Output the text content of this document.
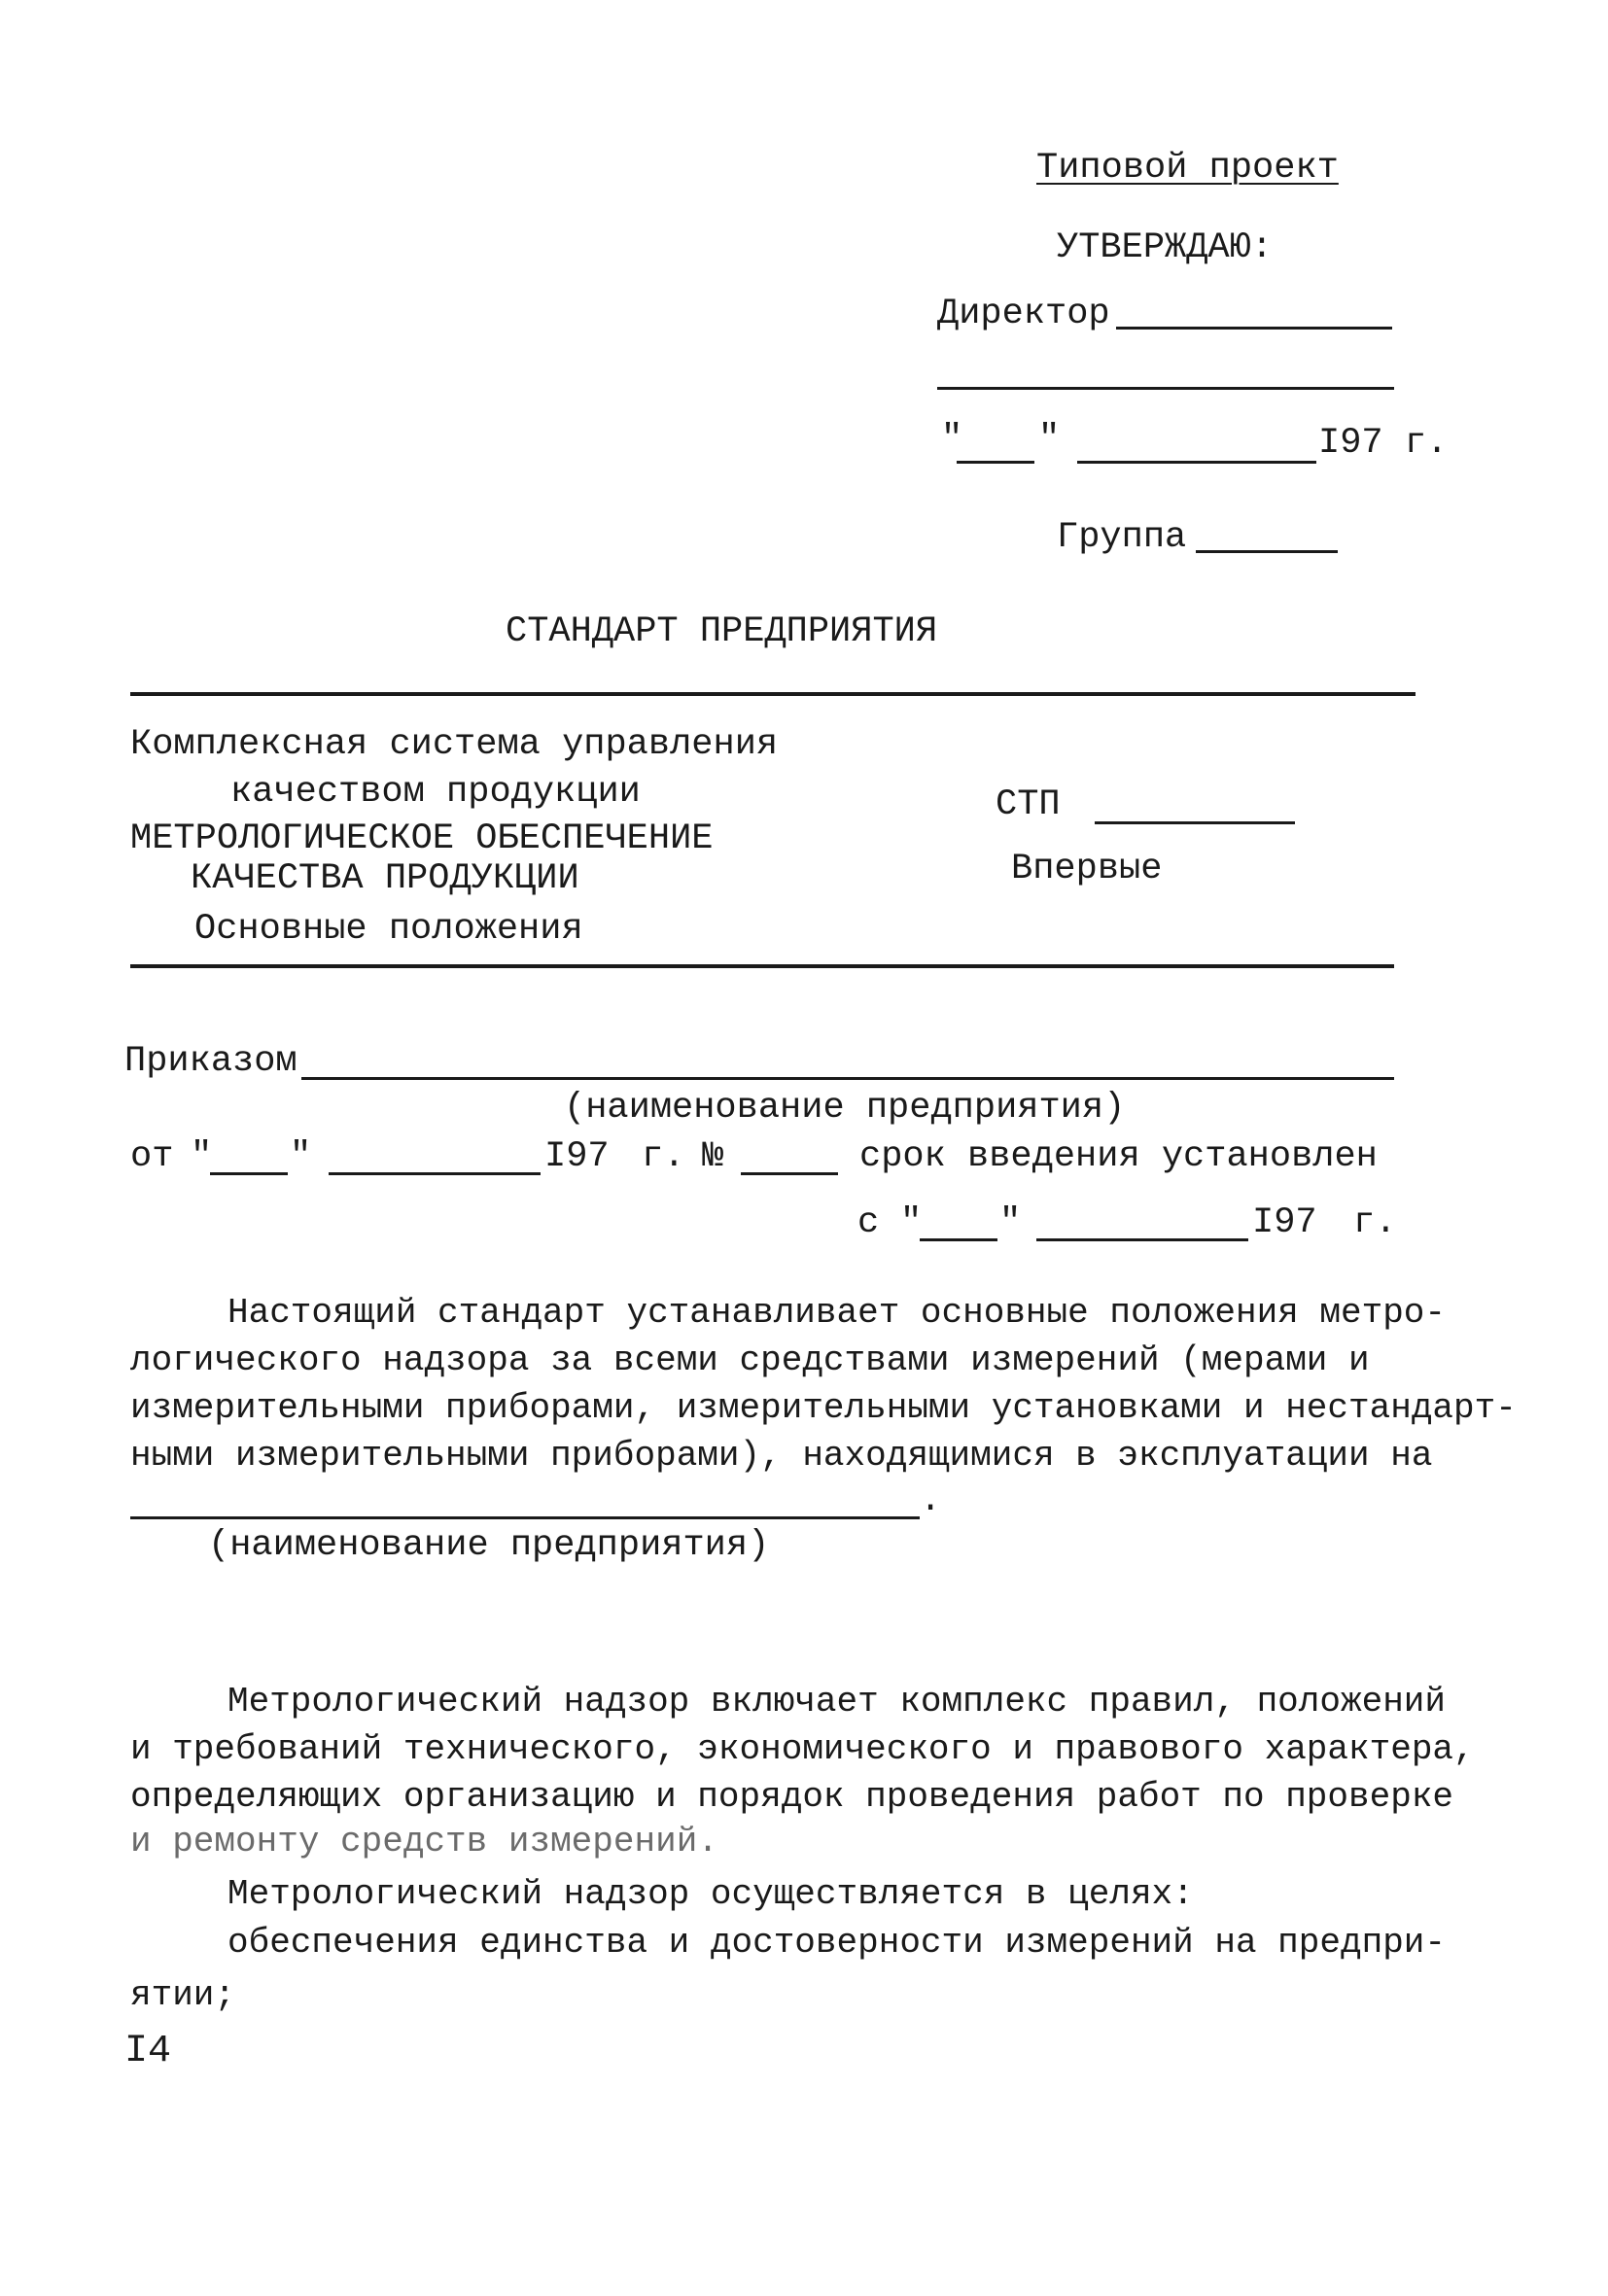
Типовой проект
УТВЕРЖДАЮ:
Директор
" "	I97 г.
Группа
СТАНДАРТ ПРЕДПРИЯТИЯ
Комплексная система управления
качеством продукции
МЕТРОЛОГИЧЕСКОЕ ОБЕСПЕЧЕНИЕ
КАЧЕСТВА ПРОДУКЦИИ
Основные положения
СТП
Впервые
Приказом
(наименование предприятия)
от " "	I97 г. №	срок введения установлен
с " "	I97 г.
Настоящий стандарт устанавливает основные положения метро-
логического надзора за всеми средствами измерений (мерами и
измерительными приборами, измерительными установками и нестандарт-
ными измерительными приборами), находящимися в эксплуатации на
.
(наименование предприятия)
Метрологический надзор включает комплекс правил, положений
и требований технического, экономического и правового характера,
определяющих организацию и порядок проведения работ по проверке
и ремонту средств измерений.
Метрологический надзор осуществляется в целях:
обеспечения единства и достоверности измерений на предпри-
ятии;
I4
